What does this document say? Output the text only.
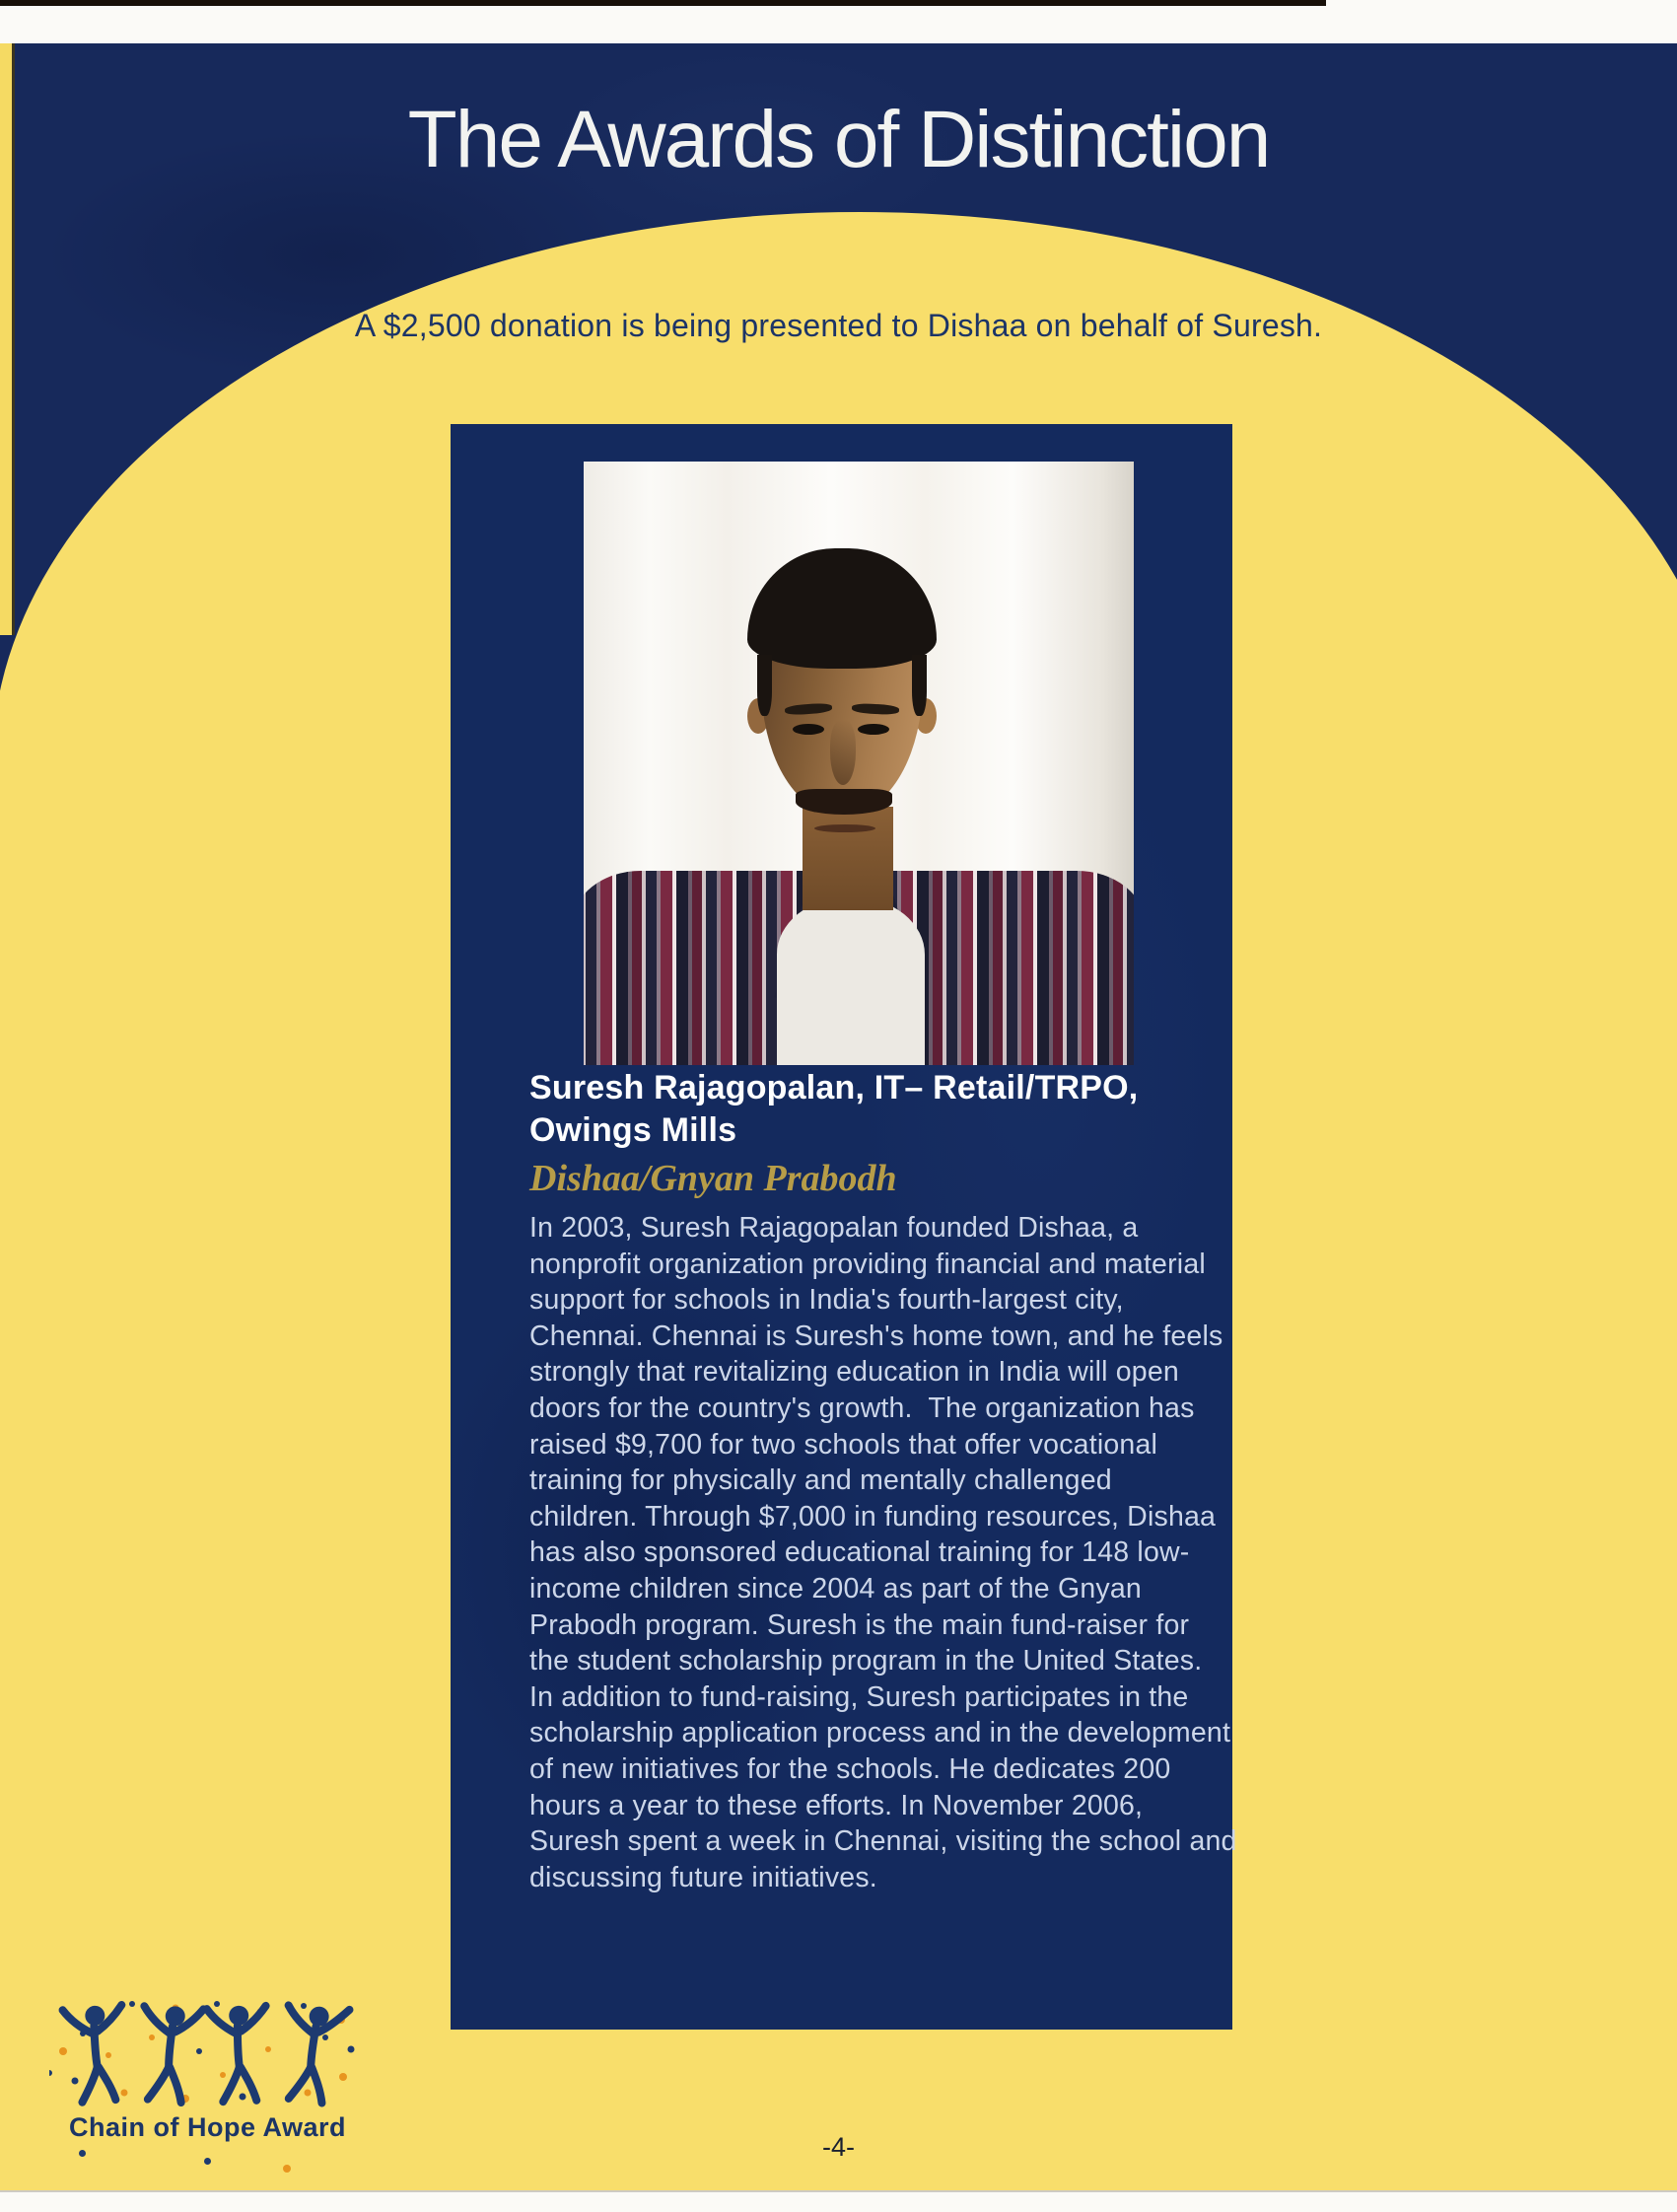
The Awards of Distinction
A $2,500 donation is being presented to Dishaa on behalf of Suresh.
Suresh Rajagopalan, IT– Retail/TRPO,
Owings Mills
Dishaa/Gnyan Prabodh
In 2003, Suresh Rajagopalan founded Dishaa, a
nonprofit organization providing financial and material
support for schools in India's fourth-largest city,
Chennai. Chennai is Suresh's home town, and he feels
strongly that revitalizing education in India will open
doors for the country's growth.  The organization has
raised $9,700 for two schools that offer vocational
training for physically and mentally challenged
children. Through $7,000 in funding resources, Dishaa
has also sponsored educational training for 148 low-
income children since 2004 as part of the Gnyan
Prabodh program. Suresh is the main fund-raiser for
the student scholarship program in the United States.
In addition to fund-raising, Suresh participates in the
scholarship application process and in the development
of new initiatives for the schools. He dedicates 200
hours a year to these efforts. In November 2006,
Suresh spent a week in Chennai, visiting the school and
discussing future initiatives.
Chain of Hope Award
-4-
